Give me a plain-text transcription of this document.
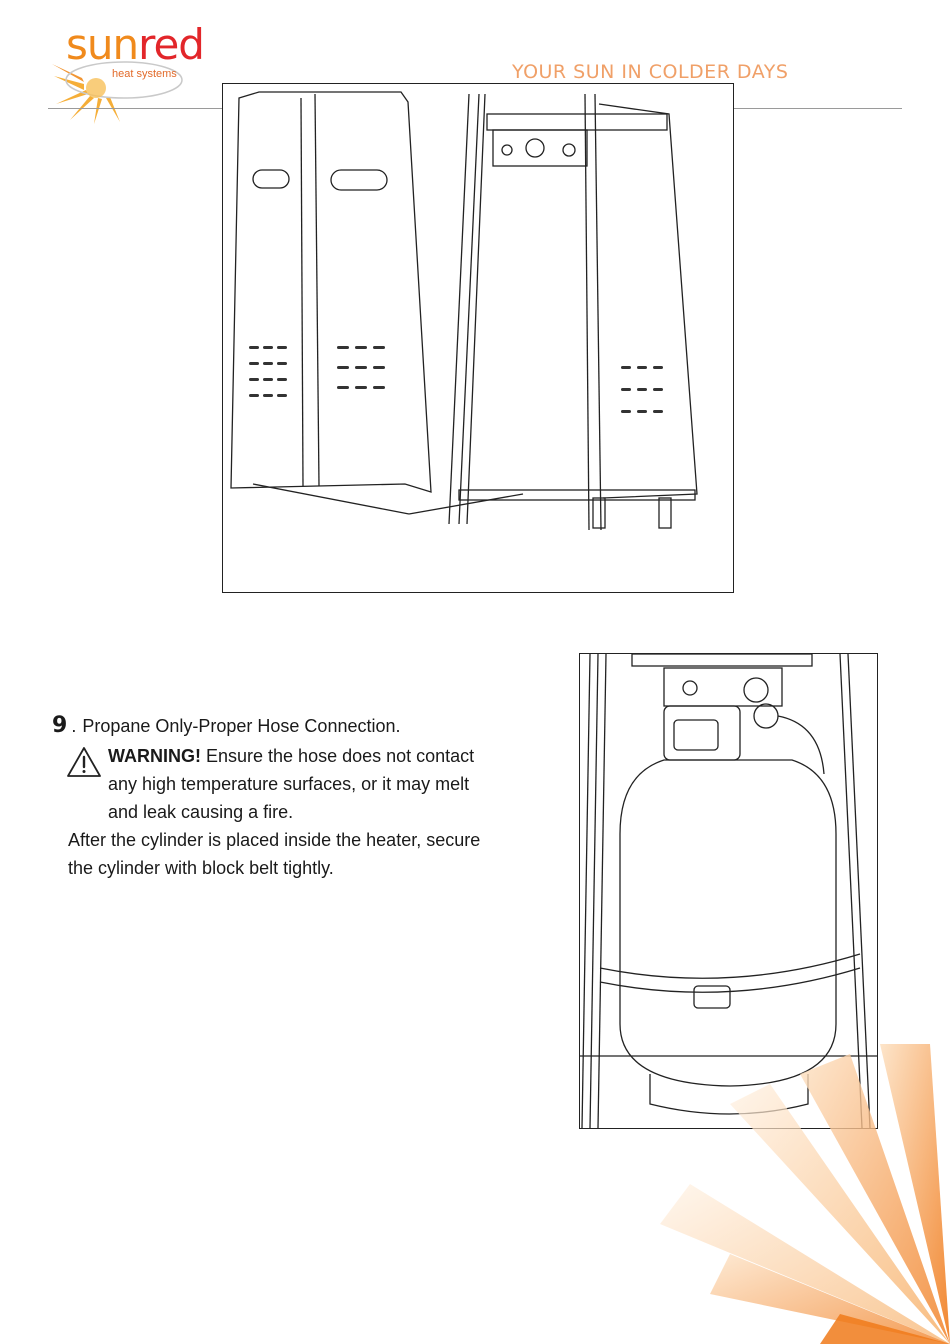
sunred
heat systems	YOUR SUN IN COLDER DAYS
9 . Propane Only-Proper Hose Connection.
WARNING! Ensure the hose does not contact any high temperature surfaces, or it may melt and leak causing a fire.
After the cylinder is placed inside the heater, secure
the cylinder with block belt tightly.
